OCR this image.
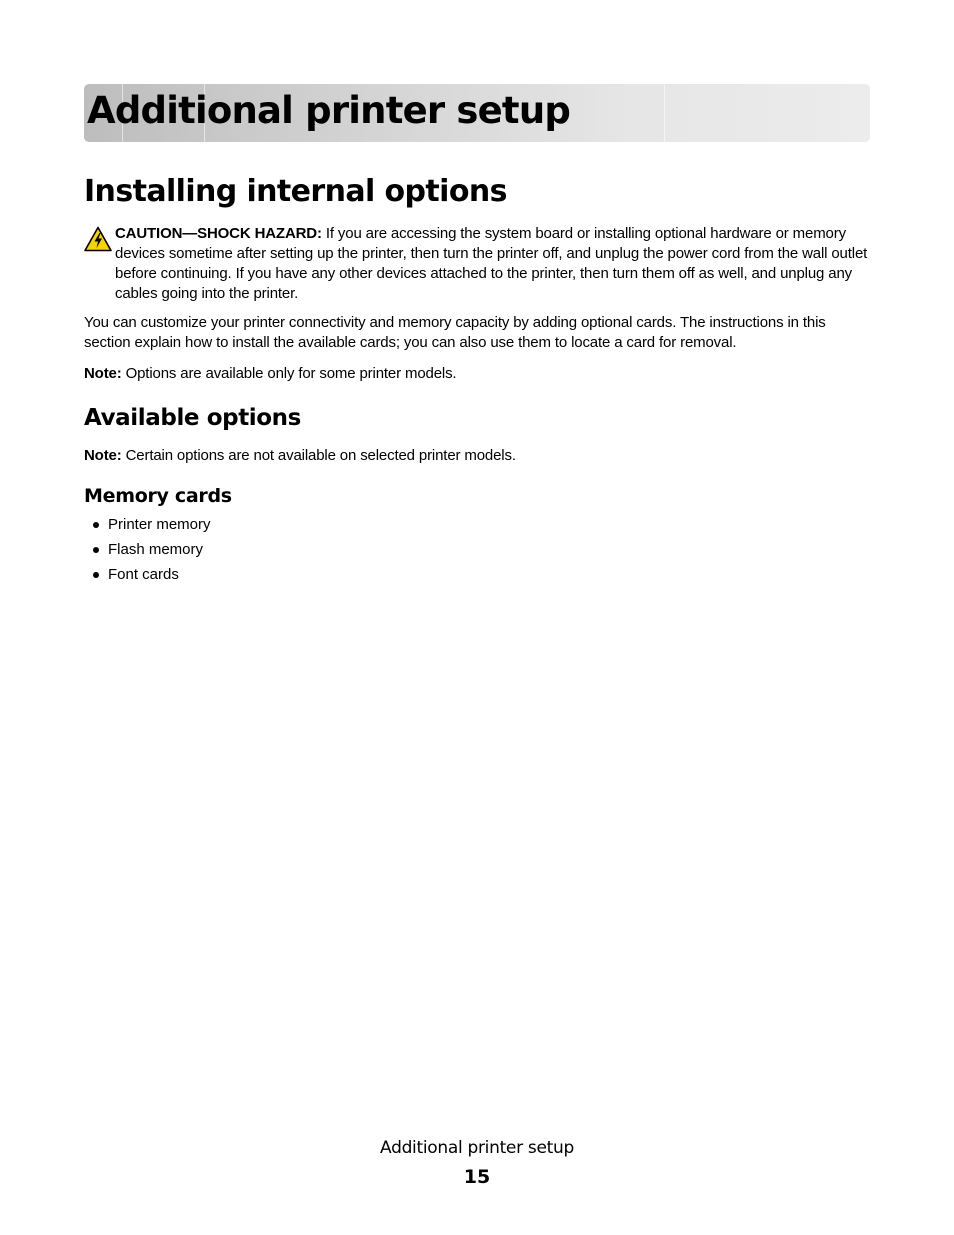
Additional printer setup
Installing internal options
CAUTION—SHOCK HAZARD: If you are accessing the system board or installing optional hardware or memory devices sometime after setting up the printer, then turn the printer off, and unplug the power cord from the wall outlet before continuing. If you have any other devices attached to the printer, then turn them off as well, and unplug any cables going into the printer.

You can customize your printer connectivity and memory capacity by adding optional cards. The instructions in this section explain how to install the available cards; you can also use them to locate a card for removal.

Note: Options are available only for some printer models.

Available options

Note: Certain options are not available on selected printer models.

Memory cards
Printer memory
Flash memory
Font cards
Additional printer setup
15
